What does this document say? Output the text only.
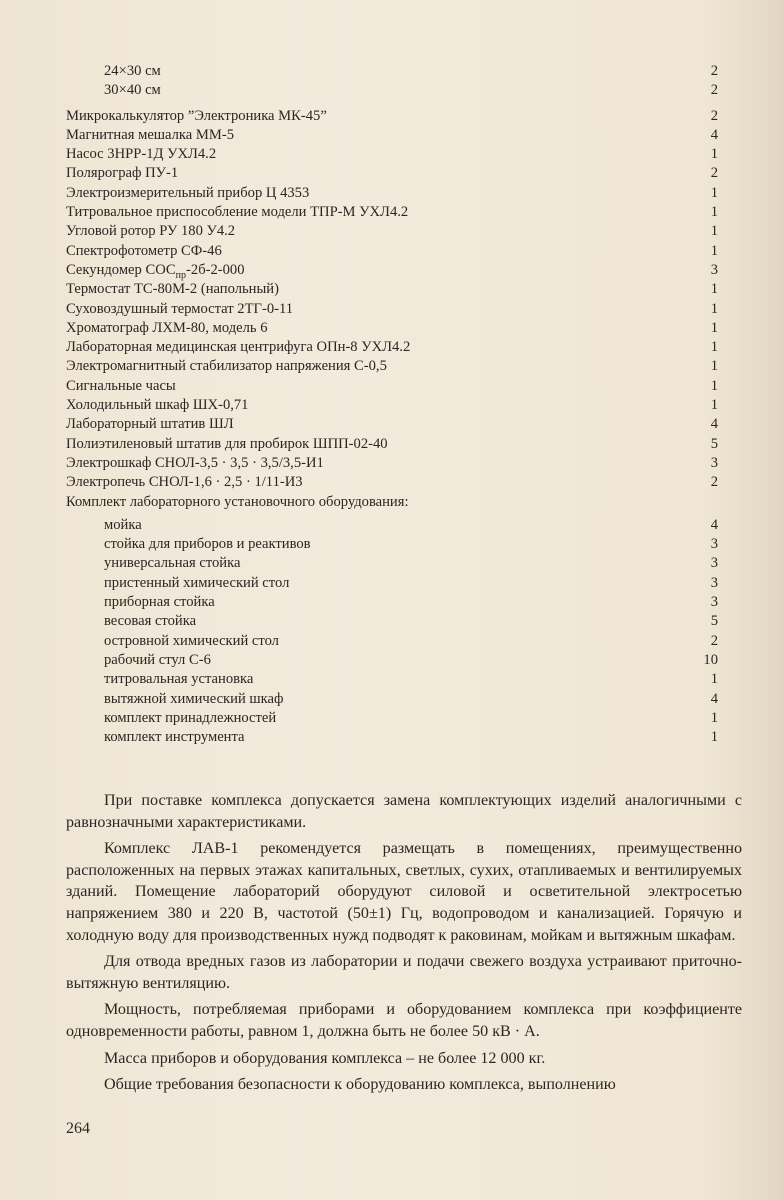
24×30 см	2
30×40 см	2
Микрокалькулятор ”Электроника МК-45”	2
Магнитная мешалка ММ-5	4
Насос 3НРР-1Д УХЛ4.2	1
Полярограф ПУ-1	2
Электроизмерительный прибор Ц 4353	1
Титровальное приспособление модели ТПР-М УХЛ4.2	1
Угловой ротор РУ 180 У4.2	1
Спектрофотометр СФ-46	1
Секундомер $СОС_{пр}-2б-2-000$	3
Термостат ТС-80М-2 (напольный)	1
Суховоздушный термостат 2ТГ-0-11	1
Хроматограф ЛХМ-80, модель 6	1
Лабораторная медицинская центрифуга ОПн-8 УХЛ4.2	1
Электромагнитный стабилизатор напряжения С-0,5	1
Сигнальные часы	1
Холодильный шкаф ШХ-0,71	1
Лабораторный штатив ШЛ	4
Полиэтиленовый штатив для пробирок ШПП-02-40	5
Электрошкаф СНОЛ-3,5 · 3,5 · 3,5/3,5-И1	3
Электропечь СНОЛ-1,6 · 2,5 · 1/11-И3	2
Комплект лабораторного установочного оборудования:
мойка	4
стойка для приборов и реактивов	3
универсальная стойка	3
пристенный химический стол	3
приборная стойка	3
весовая стойка	5
островной химический стол	2
рабочий стул С-6	10
титровальная установка	1
вытяжной химический шкаф	4
комплект принадлежностей	1
комплект инструмента	1

При поставке комплекса допускается замена комплектующих изделий аналогичными с равнозначными характеристиками.

Комплекс ЛАВ-1 рекомендуется размещать в помещениях, преимущественно расположенных на первых этажах капитальных, светлых, сухих, отапливаемых и вентилируемых зданий. Помещение лабораторий оборудуют силовой и осветительной электросетью напряжением 380 и 220 В, частотой (50±1) Гц, водопроводом и канализацией. Горячую и холодную воду для производственных нужд подводят к раковинам, мойкам и вытяжным шкафам.

Для отвода вредных газов из лаборатории и подачи свежего воздуха устраивают приточно-вытяжную вентиляцию.

Мощность, потребляемая приборами и оборудованием комплекса при коэффициенте одновременности работы, равном 1, должна быть не более 50 кВ · А.

Масса приборов и оборудования комплекса – не более 12 000 кг.

Общие требования безопасности к оборудованию комплекса, выполнению

264
